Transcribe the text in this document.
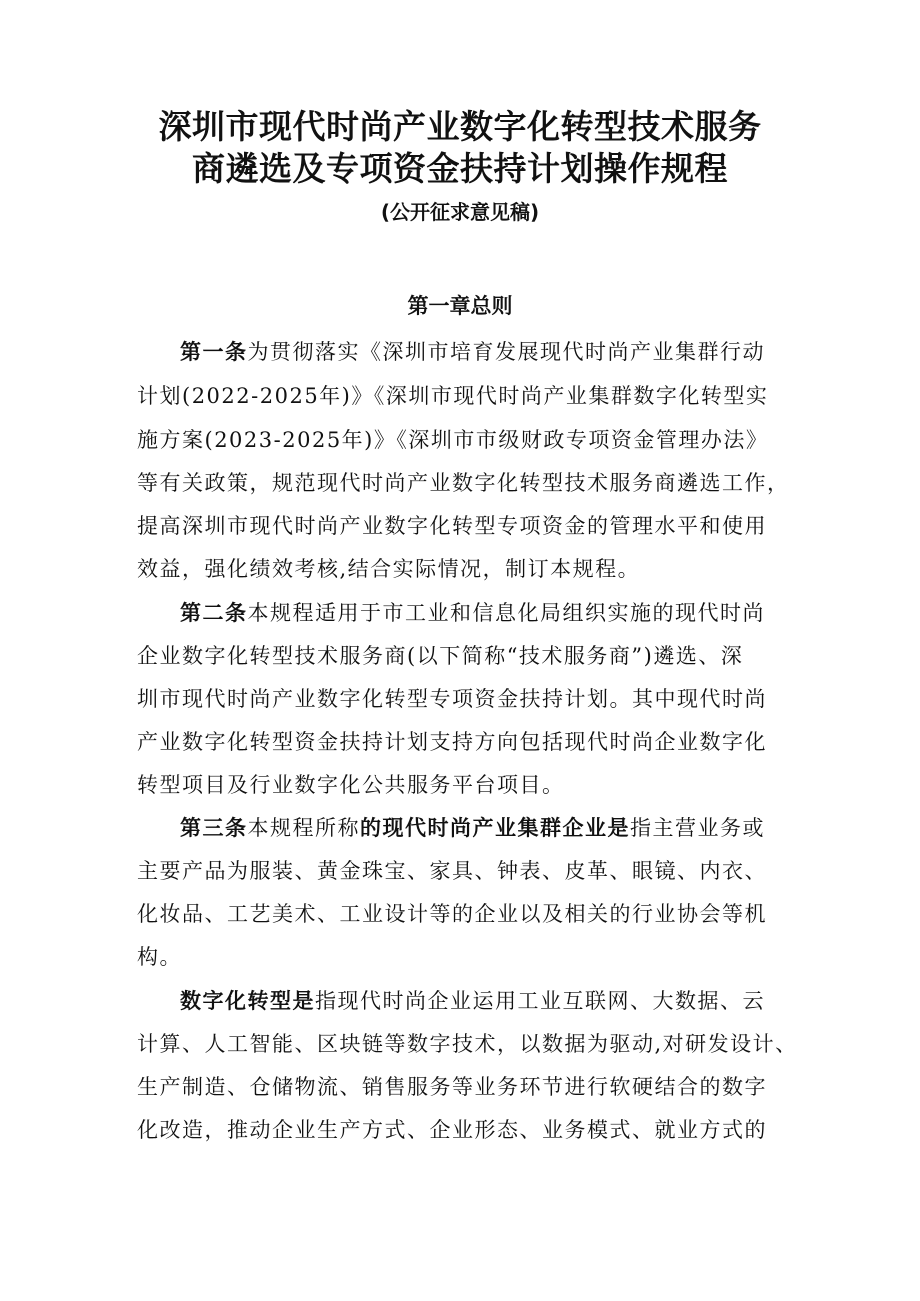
深圳市现代时尚产业数字化转型技术服务
商遴选及专项资金扶持计划操作规程
(公开征求意见稿)
第一章总则
第一条为贯彻落实《深圳市培育发展现代时尚产业集群行动
计划(2022-2025年)》《深圳市现代时尚产业集群数字化转型实
施方案(2023-2025年)》《深圳市市级财政专项资金管理办法》
等有关政策，规范现代时尚产业数字化转型技术服务商遴选工作，
提高深圳市现代时尚产业数字化转型专项资金的管理水平和使用
效益，强化绩效考核,结合实际情况，制订本规程。
第二条本规程适用于市工业和信息化局组织实施的现代时尚
企业数字化转型技术服务商(以下简称“技术服务商”)遴选、深
圳市现代时尚产业数字化转型专项资金扶持计划。其中现代时尚
产业数字化转型资金扶持计划支持方向包括现代时尚企业数字化
转型项目及行业数字化公共服务平台项目。
第三条本规程所称的现代时尚产业集群企业是指主营业务或
主要产品为服装、黄金珠宝、家具、钟表、皮革、眼镜、内衣、
化妆品、工艺美术、工业设计等的企业以及相关的行业协会等机
构。
数字化转型是指现代时尚企业运用工业互联网、大数据、云
计算、人工智能、区块链等数字技术，以数据为驱动,对研发设计、
生产制造、仓储物流、销售服务等业务环节进行软硬结合的数字
化改造，推动企业生产方式、企业形态、业务模式、就业方式的
